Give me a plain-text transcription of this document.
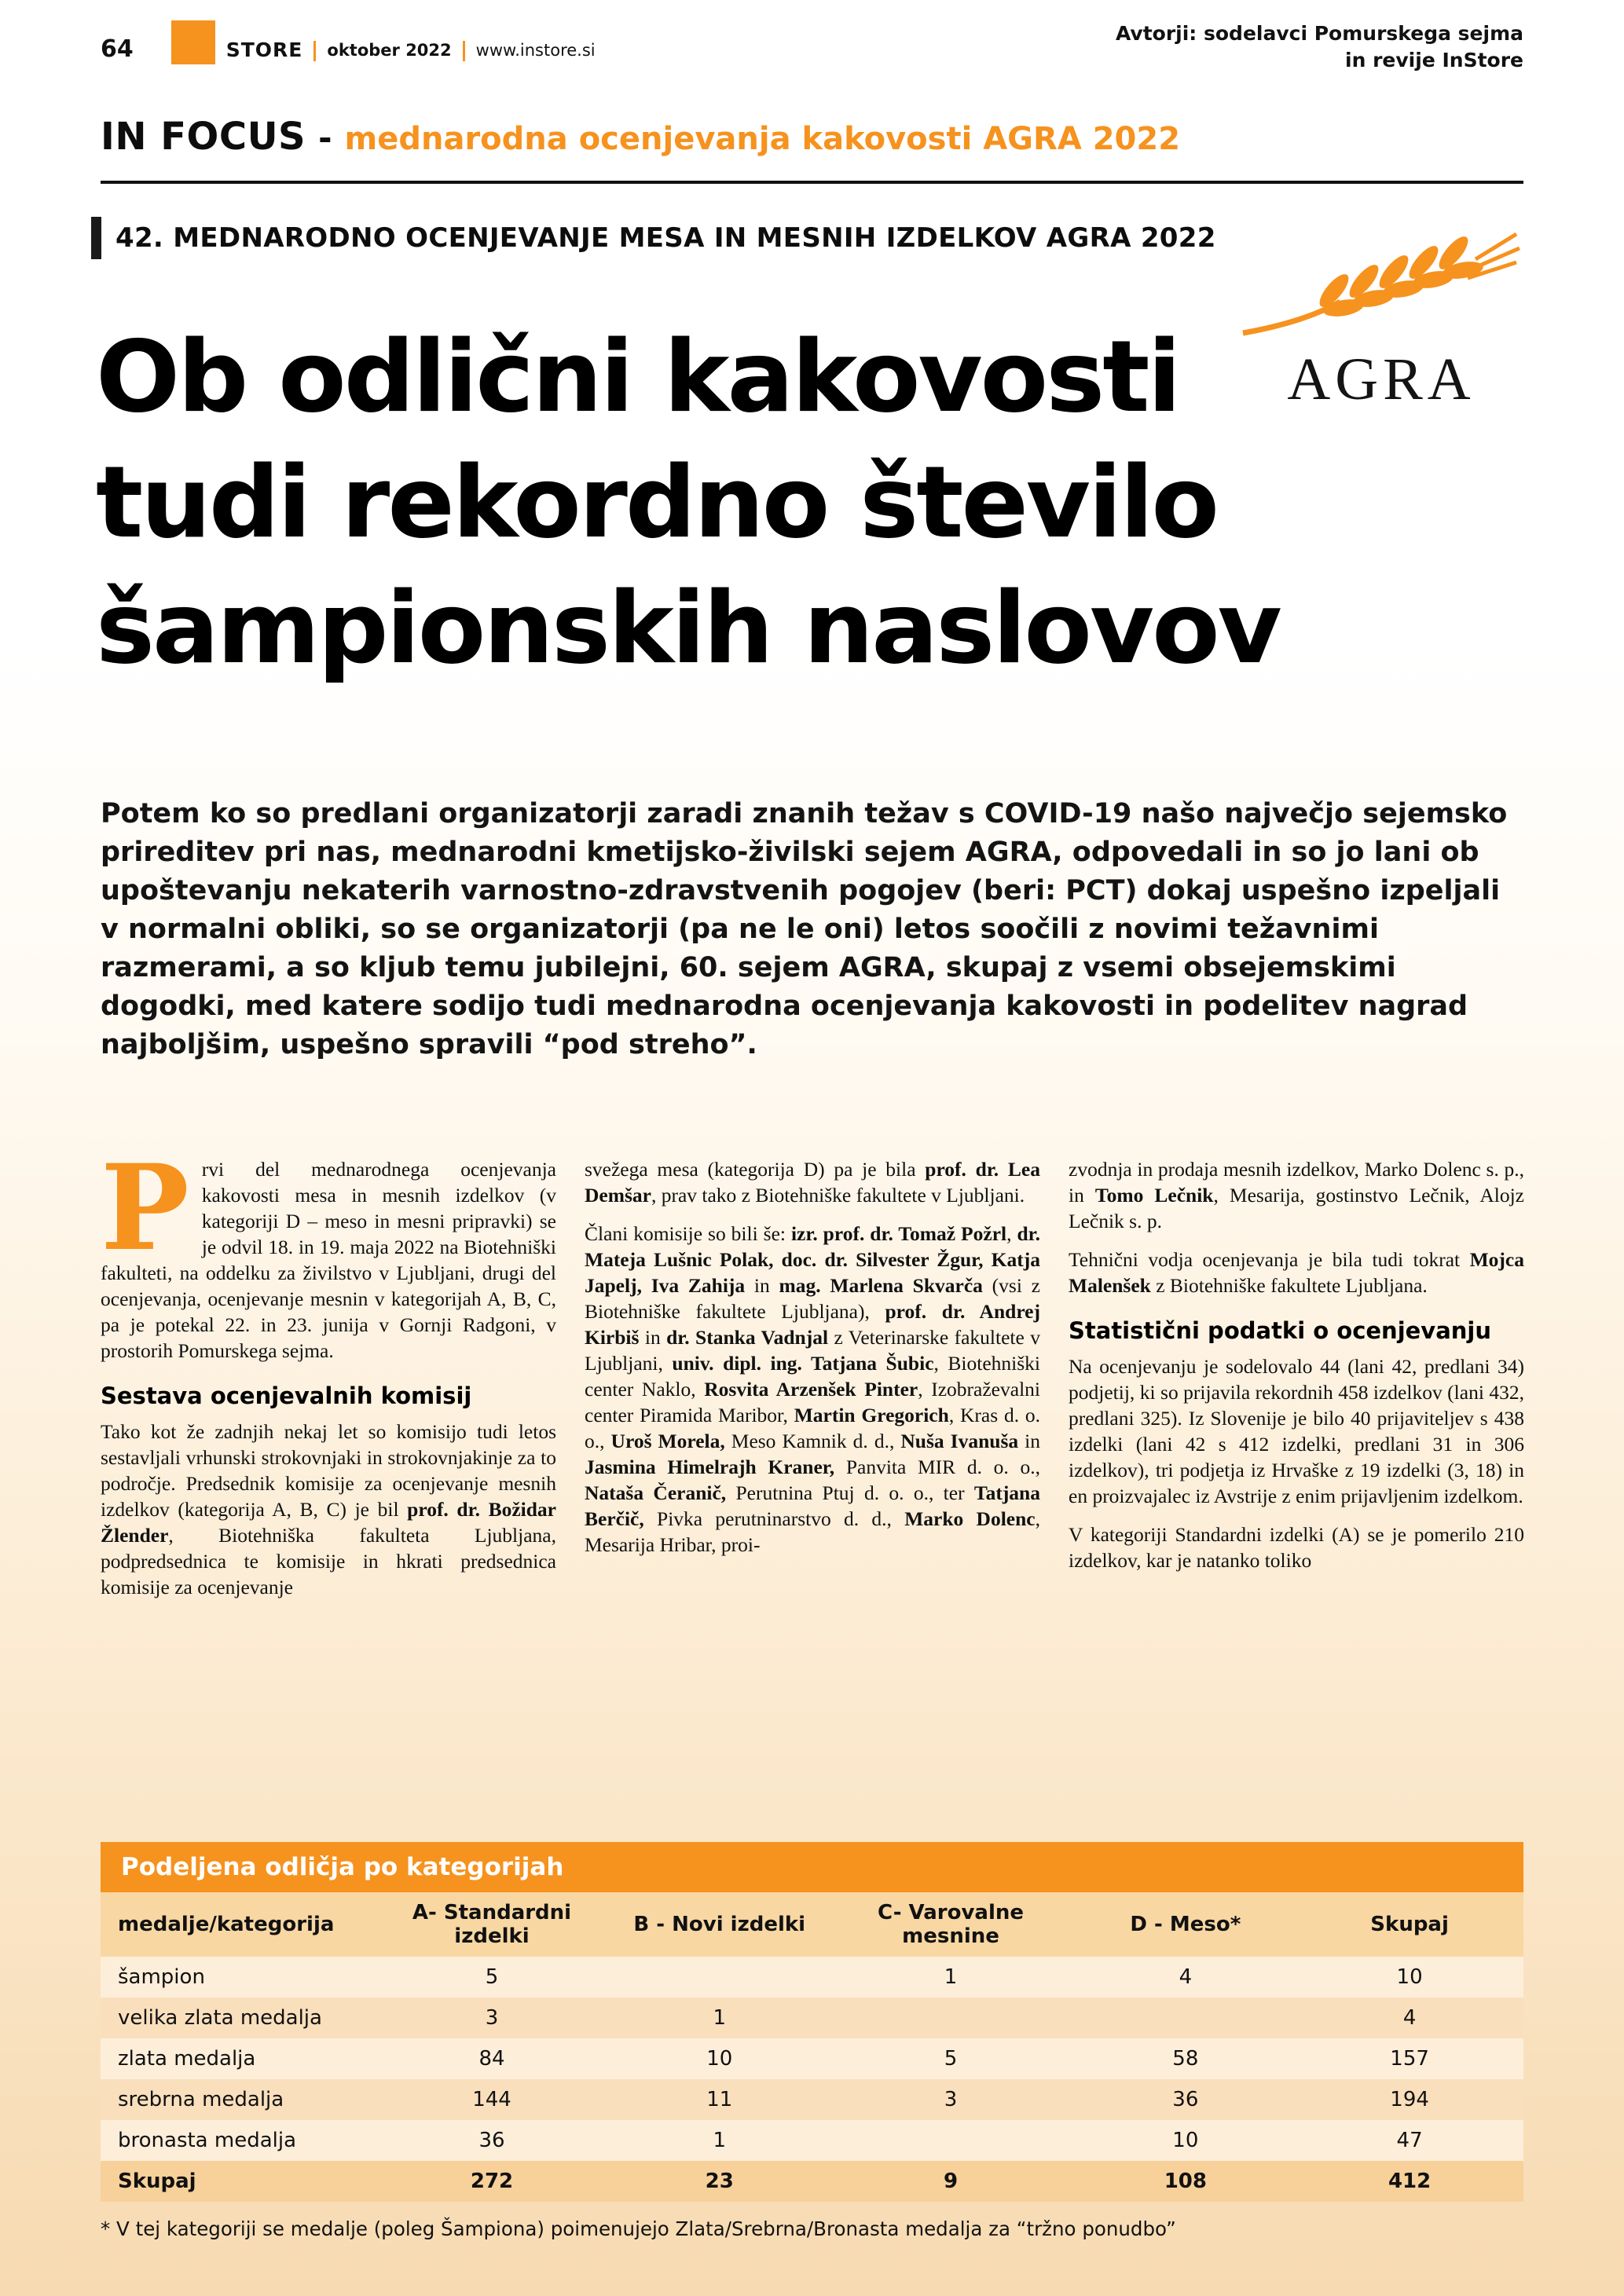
64	STORE oktober 2022 www.instore.si
Avtorji: sodelavci Pomurskega sejma
in revije InStore
IN FOCUS - mednarodna ocenjevanja kakovosti AGRA 2022
42. MEDNARODNO OCENJEVANJE MESA IN MESNIH IZDELKOV AGRA 2022
AGRA
Ob odlični kakovosti
tudi rekordno število
šampionskih naslovov

Potem ko so predlani organizatorji zaradi znanih težav s COVID-19 našo največjo sejemsko prireditev pri nas, mednarodni kmetijsko-živilski sejem AGRA, odpovedali in so jo lani ob upoštevanju nekaterih varnostno-zdravstvenih pogojev (beri: PCT) dokaj uspešno izpeljali v normalni obliki, so se organizatorji (pa ne le oni) letos soočili z novimi težavnimi razmerami, a so kljub temu jubilejni, 60. sejem AGRA, skupaj z vsemi obsejemskimi dogodki, med katere sodijo tudi mednarodna ocenjevanja kakovosti in podelitev nagrad najboljšim, uspešno spravili “pod streho”.

Prvi del mednarodnega ocenjevanja kakovosti mesa in mesnih izdelkov (v kategoriji D – meso in mesni pripravki) se je odvil 18. in 19. maja 2022 na Biotehniški fakulteti, na oddelku za živilstvo v Ljubljani, drugi del ocenjevanja, ocenjevanje mesnin v kategorijah A, B, C, pa je potekal 22. in 23. junija v Gornji Radgoni, v prostorih Pomurskega sejma.

Sestava ocenjevalnih komisij

Tako kot že zadnjih nekaj let so komisijo tudi letos sestavljali vrhunski strokovnjaki in strokovnjakinje za to področje. Predsednik komisije za ocenjevanje mesnih izdelkov (kategorija A, B, C) je bil prof. dr. Božidar Žlender, Biotehniška fakulteta Ljubljana, podpredsednica te komisije in hkrati predsednica komisije za ocenjevanje

svežega mesa (kategorija D) pa je bila prof. dr. Lea Demšar, prav tako z Biotehniške fakultete v Ljubljani.

Člani komisije so bili še: izr. prof. dr. Tomaž Požrl, dr. Mateja Lušnic Polak, doc. dr. Silvester Žgur, Katja Japelj, Iva Zahija in mag. Marlena Skvarča (vsi z Biotehniške fakultete Ljubljana), prof. dr. Andrej Kirbiš in dr. Stanka Vadnjal z Veterinarske fakultete v Ljubljani, univ. dipl. ing. Tatjana Šubic, Biotehniški center Naklo, Rosvita Arzenšek Pinter, Izobraževalni center Piramida Maribor, Martin Gregorich, Kras d. o. o., Uroš Morela, Meso Kamnik d. d., Nuša Ivanuša in Jasmina Himelrajh Kraner, Panvita MIR d. o. o., Nataša Čeranič, Perutnina Ptuj d. o. o., ter Tatjana Berčič, Pivka perutninarstvo d. d., Marko Dolenc, Mesarija Hribar, proi-

zvodnja in prodaja mesnih izdelkov, Marko Dolenc s. p., in Tomo Lečnik, Mesarija, gostinstvo Lečnik, Alojz Lečnik s. p.

Tehnični vodja ocenjevanja je bila tudi tokrat Mojca Malenšek z Biotehniške fakultete Ljubljana.

Statistični podatki o ocenjevanju

Na ocenjevanju je sodelovalo 44 (lani 42, predlani 34) podjetij, ki so prijavila rekordnih 458 izdelkov (lani 432, predlani 325). Iz Slovenije je bilo 40 prijaviteljev s 438 izdelki (lani 42 s 412 izdelki, predlani 31 in 306 izdelkov), tri podjetja iz Hrvaške z 19 izdelki (3, 18) in en proizvajalec iz Avstrije z enim prijavljenim izdelkom.

V kategoriji Standardni izdelki (A) se je pomerilo 210 izdelkov, kar je natanko toliko

Podeljena odličja po kategorijah
medalje/kategorija	A- Standardni izdelki	B - Novi izdelki	C- Varovalne mesnine	D - Meso*	Skupaj
šampion	5		1	4	10
velika zlata medalja	3	1			4
zlata medalja	84	10	5	58	157
srebrna medalja	144	11	3	36	194
bronasta medalja	36	1		10	47
Skupaj	272	23	9	108	412

* V tej kategoriji se medalje (poleg Šampiona) poimenujejo Zlata/Srebrna/Bronasta medalja za “tržno ponudbo”
